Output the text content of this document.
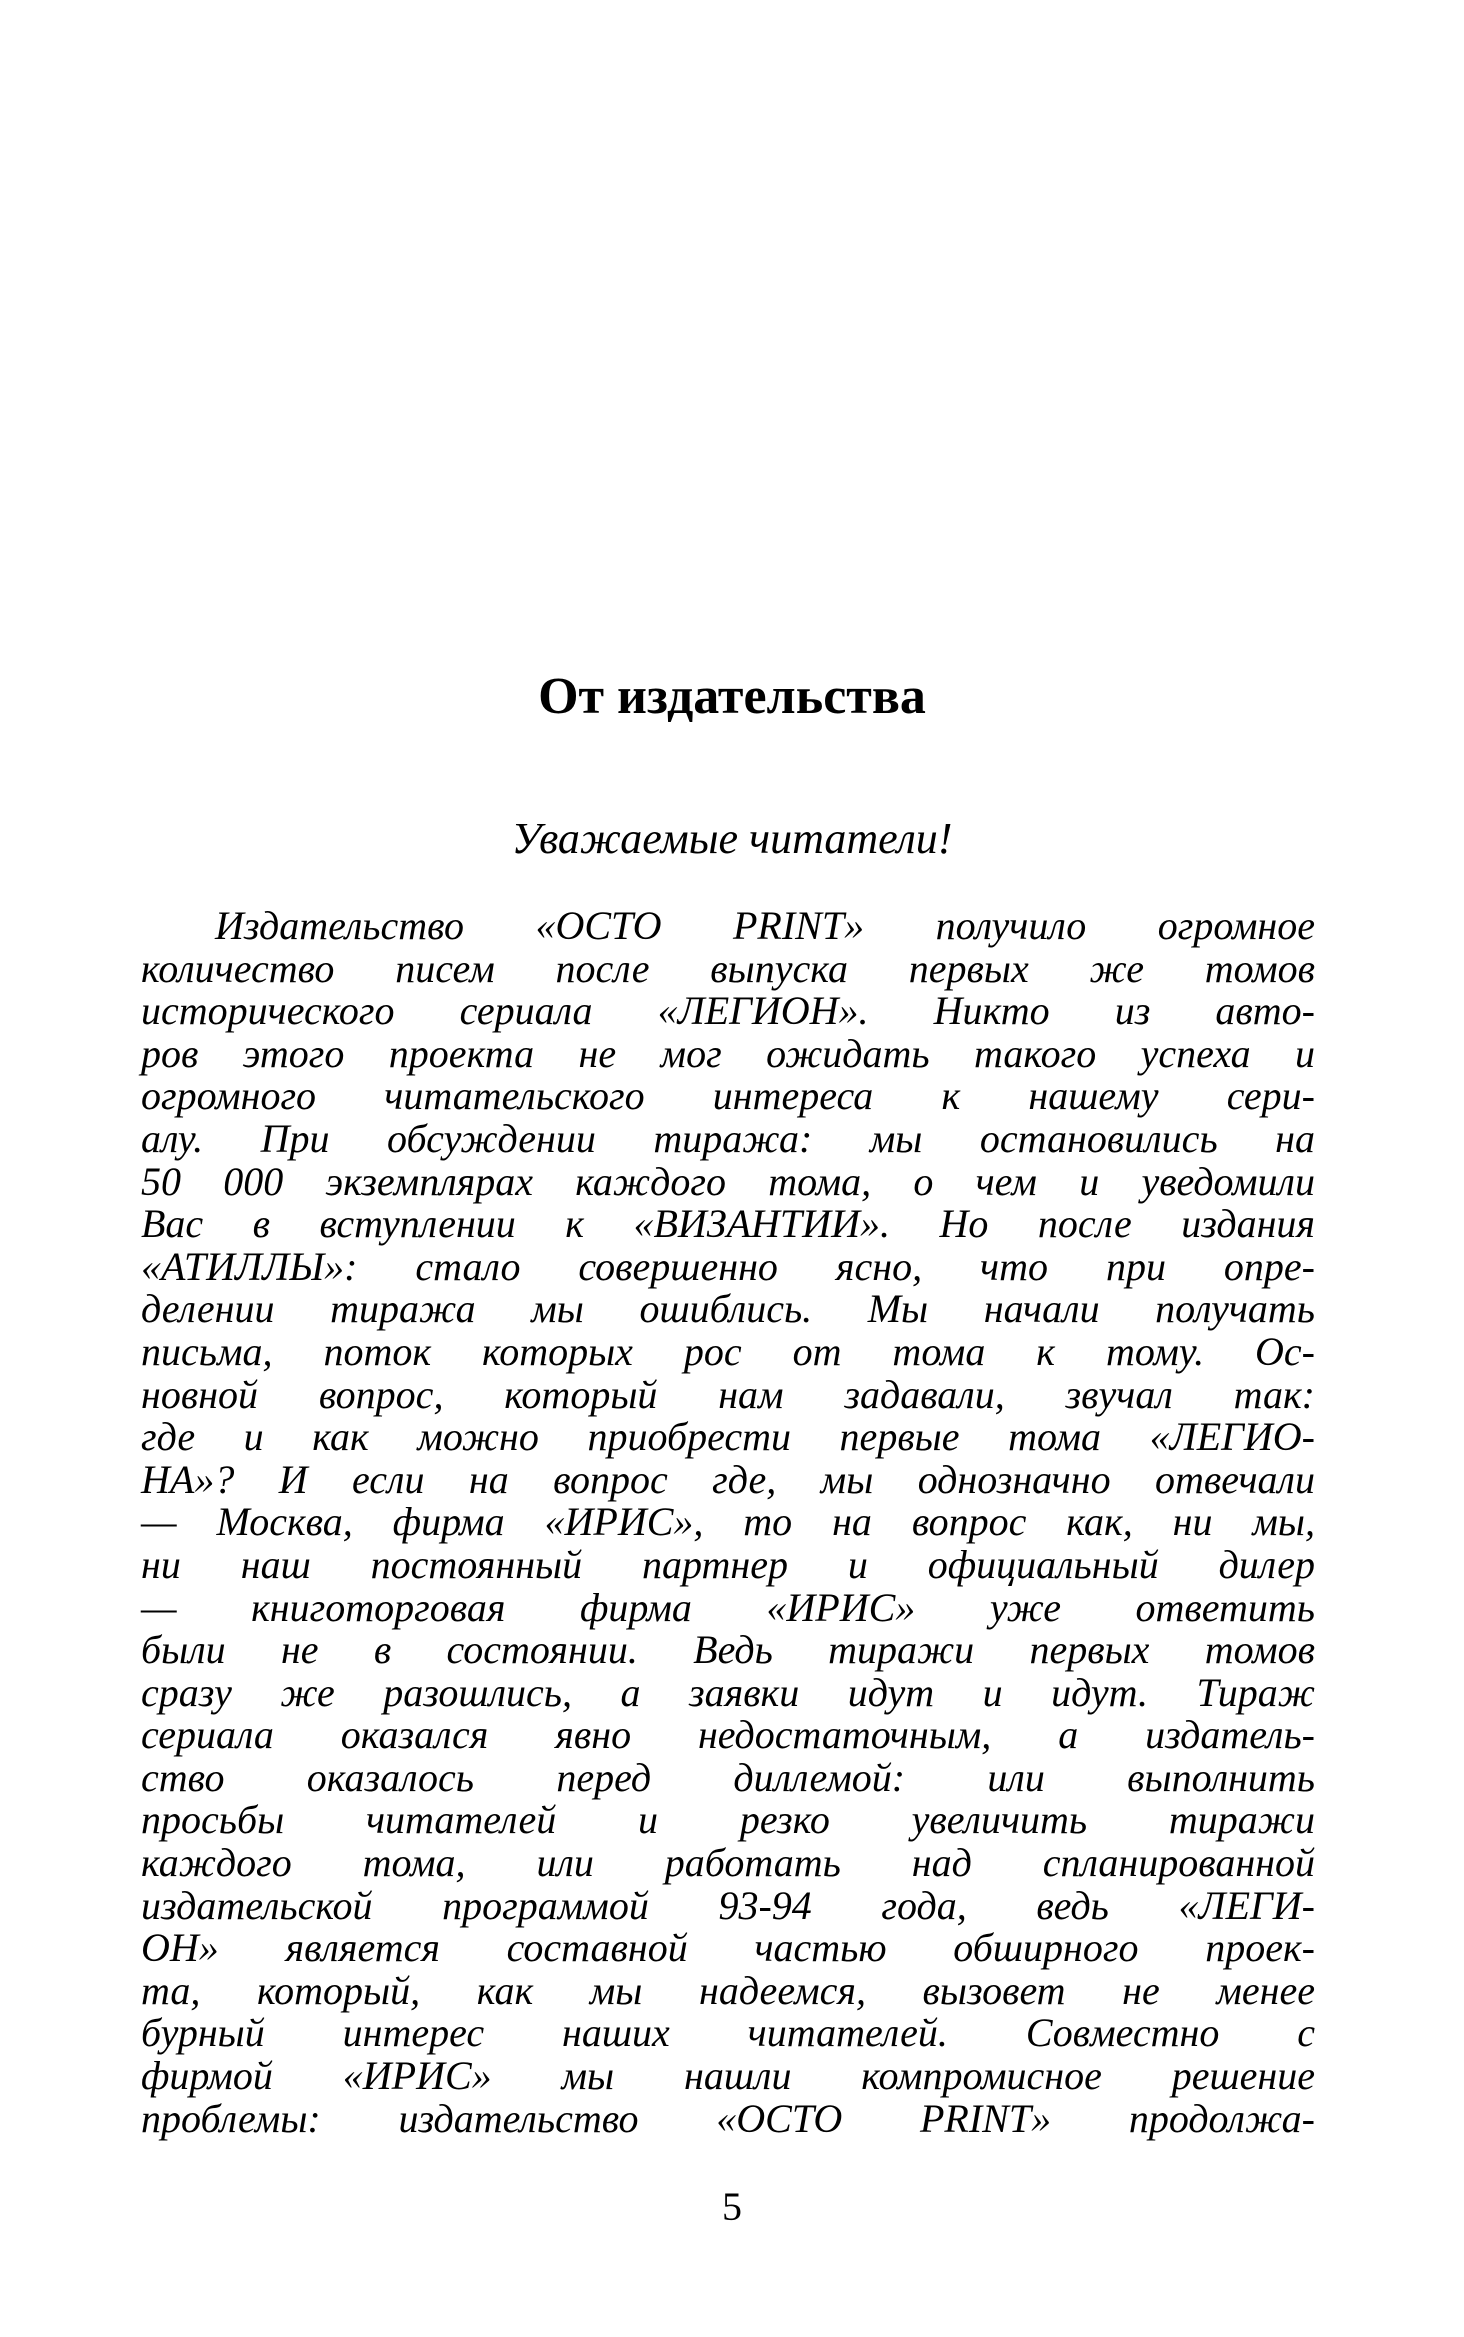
От издательства

Уважаемые читатели!

Издательство «OCTO PRINT» получило огромное
количество писем после выпуска первых же томов
исторического сериала «ЛЕГИОН». Никто из авто-
ров этого проекта не мог ожидать такого успеха и
огромного читательского интереса к нашему сери-
алу. При обсуждении тиража: мы остановились на
50 000 экземплярах каждого тома, о чем и уведомили
Вас в вступлении к «ВИЗАНТИИ». Но после издания
«АТИЛЛЫ»: стало совершенно ясно, что при опре-
делении тиража мы ошиблись. Мы начали получать
письма, поток которых рос от тома к тому. Ос-
новной вопрос, который нам задавали, звучал так:
где и как можно приобрести первые тома «ЛЕГИО-
НА»? И если на вопрос где, мы однозначно отвечали
— Москва, фирма «ИРИС», то на вопрос как, ни мы,
ни наш постоянный партнер и официальный дилер
— книготорговая фирма «ИРИС» уже ответить
были не в состоянии. Ведь тиражи первых томов
сразу же разошлись, а заявки идут и идут. Тираж
сериала оказался явно недостаточным, а издатель-
ство оказалось перед диллемой: или выполнить
просьбы читателей и резко увеличить тиражи
каждого тома, или работать над спланированной
издательской программой 93-94 года, ведь «ЛЕГИ-
ОН» является составной частью обширного проек-
та, который, как мы надеемся, вызовет не менее
бурный интерес наших читателей. Совместно с
фирмой «ИРИС» мы нашли компромисное решение
проблемы: издательство «OCTO PRINT» продолжа-
5
